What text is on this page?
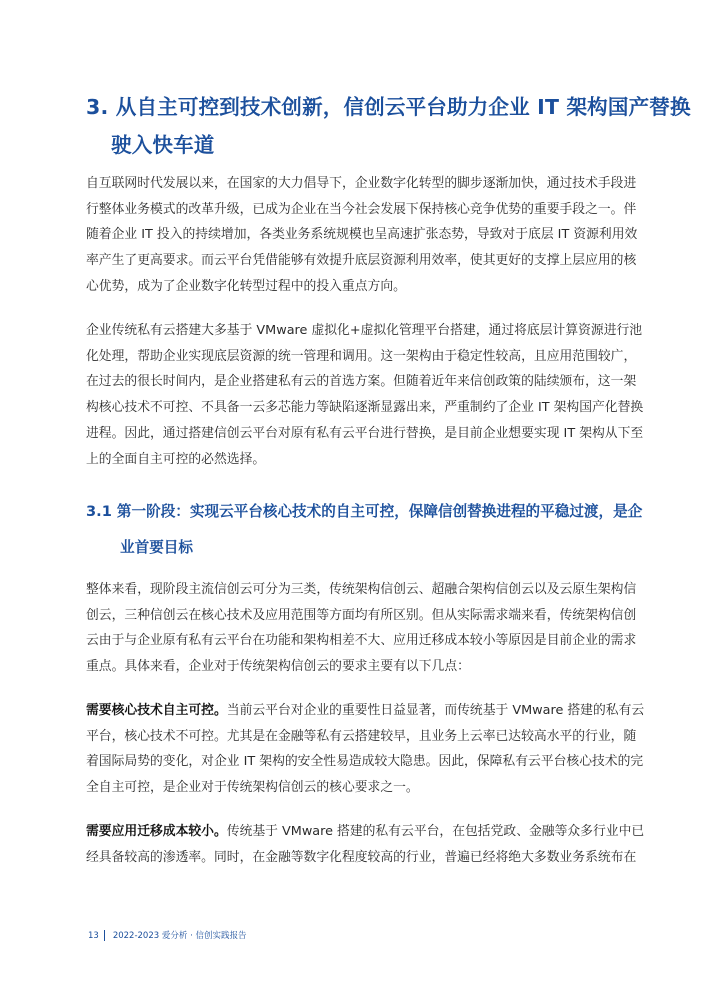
3. 从自主可控到技术创新，信创云平台助力企业 IT 架构国产替换
驶入快车道
自互联网时代发展以来，在国家的大力倡导下，企业数字化转型的脚步逐渐加快，通过技术手段进
行整体业务模式的改革升级，已成为企业在当今社会发展下保持核心竞争优势的重要手段之一。伴
随着企业 IT 投入的持续增加，各类业务系统规模也呈高速扩张态势，导致对于底层 IT 资源利用效
率产生了更高要求。而云平台凭借能够有效提升底层资源利用效率，使其更好的支撑上层应用的核
心优势，成为了企业数字化转型过程中的投入重点方向。
企业传统私有云搭建大多基于 VMware 虚拟化+虚拟化管理平台搭建，通过将底层计算资源进行池
化处理，帮助企业实现底层资源的统一管理和调用。这一架构由于稳定性较高，且应用范围较广，
在过去的很长时间内，是企业搭建私有云的首选方案。但随着近年来信创政策的陆续颁布，这一架
构核心技术不可控、不具备一云多芯能力等缺陷逐渐显露出来，严重制约了企业 IT 架构国产化替换
进程。因此，通过搭建信创云平台对原有私有云平台进行替换，是目前企业想要实现 IT 架构从下至
上的全面自主可控的必然选择。
3.1 第一阶段：实现云平台核心技术的自主可控，保障信创替换进程的平稳过渡，是企
业首要目标
整体来看，现阶段主流信创云可分为三类，传统架构信创云、超融合架构信创云以及云原生架构信
创云，三种信创云在核心技术及应用范围等方面均有所区别。但从实际需求端来看，传统架构信创
云由于与企业原有私有云平台在功能和架构相差不大、应用迁移成本较小等原因是目前企业的需求
重点。具体来看，企业对于传统架构信创云的要求主要有以下几点：
需要核心技术自主可控。当前云平台对企业的重要性日益显著，而传统基于 VMware 搭建的私有云
平台，核心技术不可控。尤其是在金融等私有云搭建较早，且业务上云率已达较高水平的行业，随
着国际局势的变化，对企业 IT 架构的安全性易造成较大隐患。因此，保障私有云平台核心技术的完
全自主可控，是企业对于传统架构信创云的核心要求之一。
需要应用迁移成本较小。传统基于 VMware 搭建的私有云平台，在包括党政、金融等众多行业中已
经具备较高的渗透率。同时，在金融等数字化程度较高的行业，普遍已经将绝大多数业务系统布在
13 2022-2023 爱分析 · 信创实践报告
